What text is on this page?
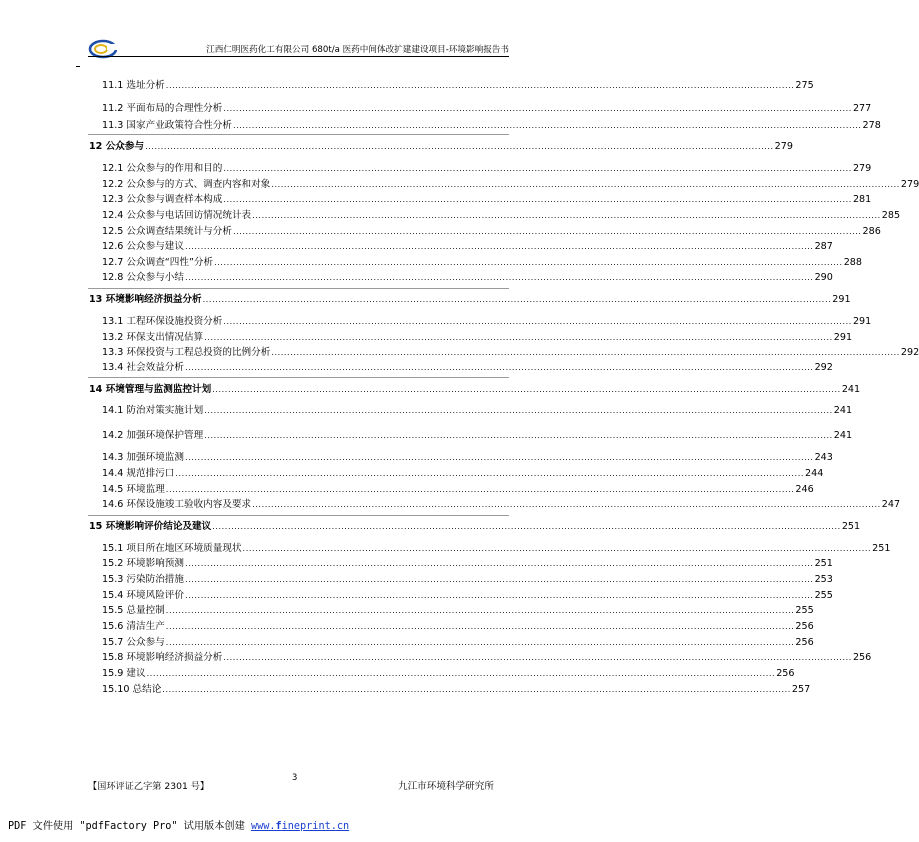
江西仁明医药化工有限公司 680t/a 医药中间体改扩建建设项目-环境影响报告书
11.1 选址分析 ........................................................................................................................................................................................................ 275
11.2 平面布局的合理性分析 ........................................................................................................................................................................................................ 277
11.3 国家产业政策符合性分析 ........................................................................................................................................................................................................ 278
12 公众参与 ........................................................................................................................................................................................................ 279
12.1 公众参与的作用和目的 ........................................................................................................................................................................................................ 279
12.2 公众参与的方式、调查内容和对象 ........................................................................................................................................................................................................ 279
12.3 公众参与调查样本构成 ........................................................................................................................................................................................................ 281
12.4 公众参与电话回访情况统计表 ........................................................................................................................................................................................................ 285
12.5 公众调查结果统计与分析 ........................................................................................................................................................................................................ 286
12.6 公众参与建议 ........................................................................................................................................................................................................ 287
12.7 公众调查“四性”分析 ........................................................................................................................................................................................................ 288
12.8 公众参与小结 ........................................................................................................................................................................................................ 290
13 环境影响经济损益分析 ........................................................................................................................................................................................................ 291
13.1 工程环保设施投资分析 ........................................................................................................................................................................................................ 291
13.2 环保支出情况估算 ........................................................................................................................................................................................................ 291
13.3 环保投资与工程总投资的比例分析 ........................................................................................................................................................................................................ 292
13.4 社会效益分析 ........................................................................................................................................................................................................ 292
14 环境管理与监测监控计划 ........................................................................................................................................................................................................ 241
14.1 防治对策实施计划 ........................................................................................................................................................................................................ 241
14.2 加强环境保护管理 ........................................................................................................................................................................................................ 241
14.3 加强环境监测 ........................................................................................................................................................................................................ 243
14.4 规范排污口 ........................................................................................................................................................................................................ 244
14.5 环境监理 ........................................................................................................................................................................................................ 246
14.6 环保设施竣工验收内容及要求 ........................................................................................................................................................................................................ 247
15 环境影响评价结论及建议 ........................................................................................................................................................................................................ 251
15.1 项目所在地区环境质量现状 ........................................................................................................................................................................................................ 251
15.2 环境影响预测 ........................................................................................................................................................................................................ 251
15.3 污染防治措施 ........................................................................................................................................................................................................ 253
15.4 环境风险评价 ........................................................................................................................................................................................................ 255
15.5 总量控制 ........................................................................................................................................................................................................ 255
15.6 清洁生产 ........................................................................................................................................................................................................ 256
15.7 公众参与 ........................................................................................................................................................................................................ 256
15.8 环境影响经济损益分析 ........................................................................................................................................................................................................ 256
15.9 建议 ........................................................................................................................................................................................................ 256
15.10 总结论 ........................................................................................................................................................................................................ 257
【国环评证乙字第 2301 号】
3
九江市环境科学研究所
PDF 文件使用 "pdfFactory Pro" 试用版本创建 www.fineprint.cn
